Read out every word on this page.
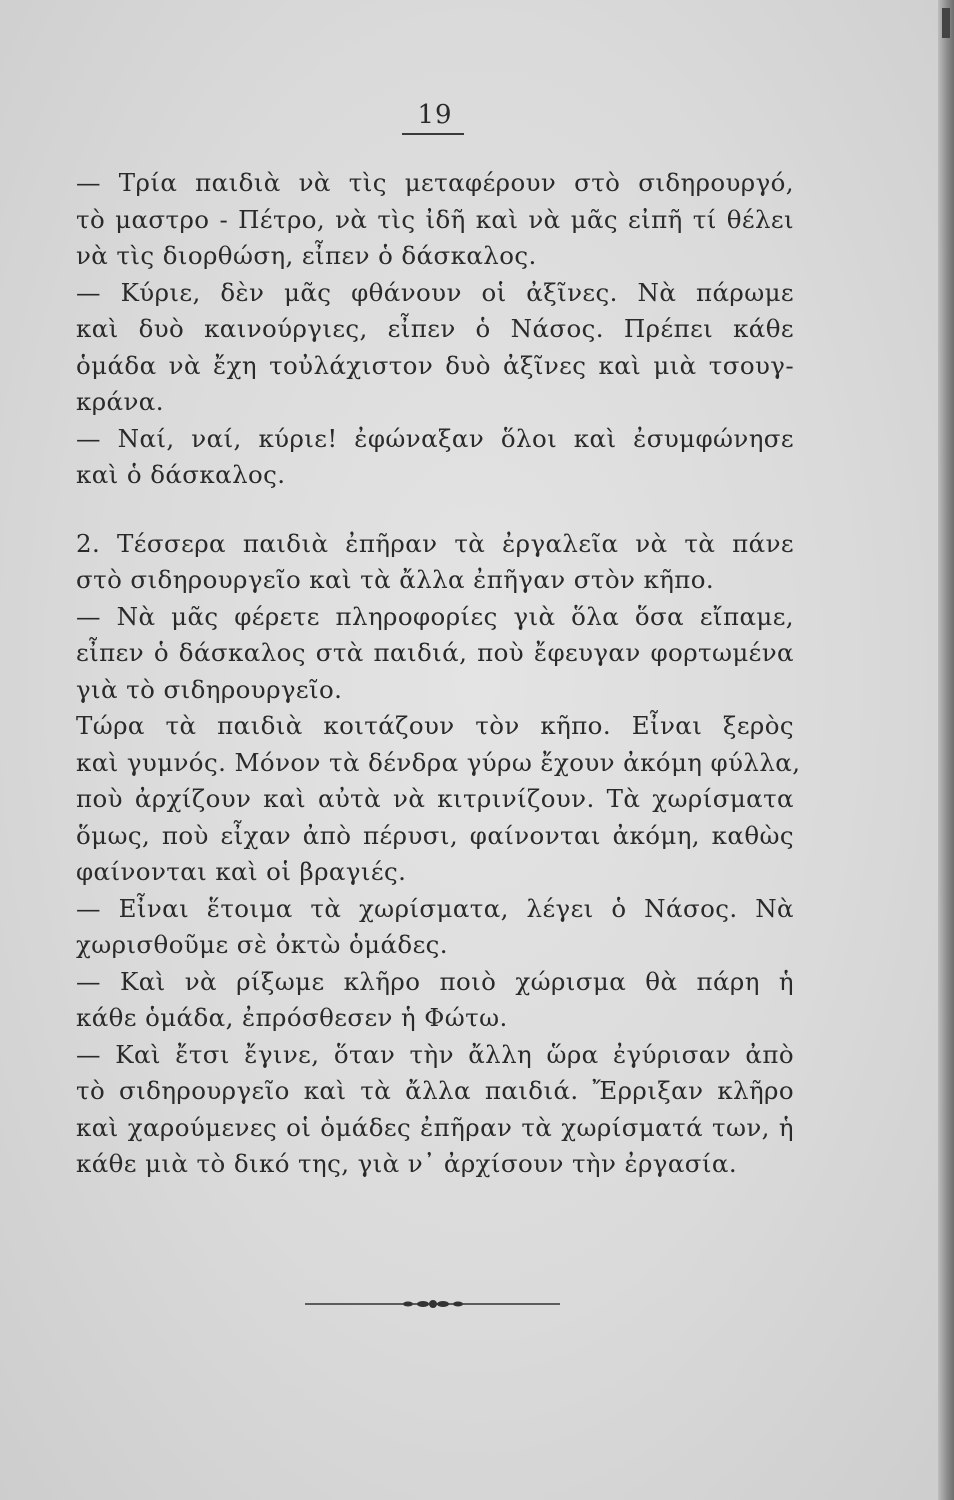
19
— Τρία παιδιὰ νὰ τὶς μεταφέρουν στὸ σιδηρουργό,
τὸ μαστρο - Πέτρο, νὰ τὶς ἰδῆ καὶ νὰ μᾶς εἰπῆ τί θέλει
νὰ τὶς διορθώση, εἶπεν ὁ δάσκαλος.
— Κύριε, δὲν μᾶς φθάνουν οἱ ἀξῖνες. Νὰ πάρωμε
καὶ δυὸ καινούργιες, εἶπεν ὁ Νάσος. Πρέπει κάθε
ὁμάδα νὰ ἔχη τοὐλάχιστον δυὸ ἀξῖνες καὶ μιὰ τσουγ-
κράνα.
— Ναί, ναί, κύριε! ἐφώναξαν ὅλοι καὶ ἐσυμφώνησε
καὶ ὁ δάσκαλος.
2. Τέσσερα παιδιὰ ἐπῆραν τὰ ἐργαλεῖα νὰ τὰ πάνε
στὸ σιδηρουργεῖο καὶ τὰ ἄλλα ἐπῆγαν στὸν κῆπο.
— Νὰ μᾶς φέρετε πληροφορίες γιὰ ὅλα ὅσα εἴπαμε,
εἶπεν ὁ δάσκαλος στὰ παιδιά, ποὺ ἔφευγαν φορτωμένα
γιὰ τὸ σιδηρουργεῖο.
Τώρα τὰ παιδιὰ κοιτάζουν τὸν κῆπο. Εἶναι ξερὸς
καὶ γυμνός. Μόνον τὰ δένδρα γύρω ἔχουν ἀκόμη φύλλα,
ποὺ ἀρχίζουν καὶ αὐτὰ νὰ κιτρινίζουν. Τὰ χωρίσματα
ὅμως, ποὺ εἶχαν ἀπὸ πέρυσι, φαίνονται ἀκόμη, καθὼς
φαίνονται καὶ οἱ βραγιές.
— Εἶναι ἕτοιμα τὰ χωρίσματα, λέγει ὁ Νάσος. Νὰ
χωρισθοῦμε σὲ ὀκτὼ ὁμάδες.
— Καὶ νὰ ρίξωμε κλῆρο ποιὸ χώρισμα θὰ πάρη ἡ
κάθε ὁμάδα, ἐπρόσθεσεν ἡ Φώτω.
— Καὶ ἔτσι ἔγινε, ὅταν τὴν ἄλλη ὥρα ἐγύρισαν ἀπὸ
τὸ σιδηρουργεῖο καὶ τὰ ἄλλα παιδιά. Ἔρριξαν κλῆρο
καὶ χαρούμενες οἱ ὁμάδες ἐπῆραν τὰ χωρίσματά των, ἡ
κάθε μιὰ τὸ δικό της, γιὰ ν᾽ ἀρχίσουν τὴν ἐργασία.
